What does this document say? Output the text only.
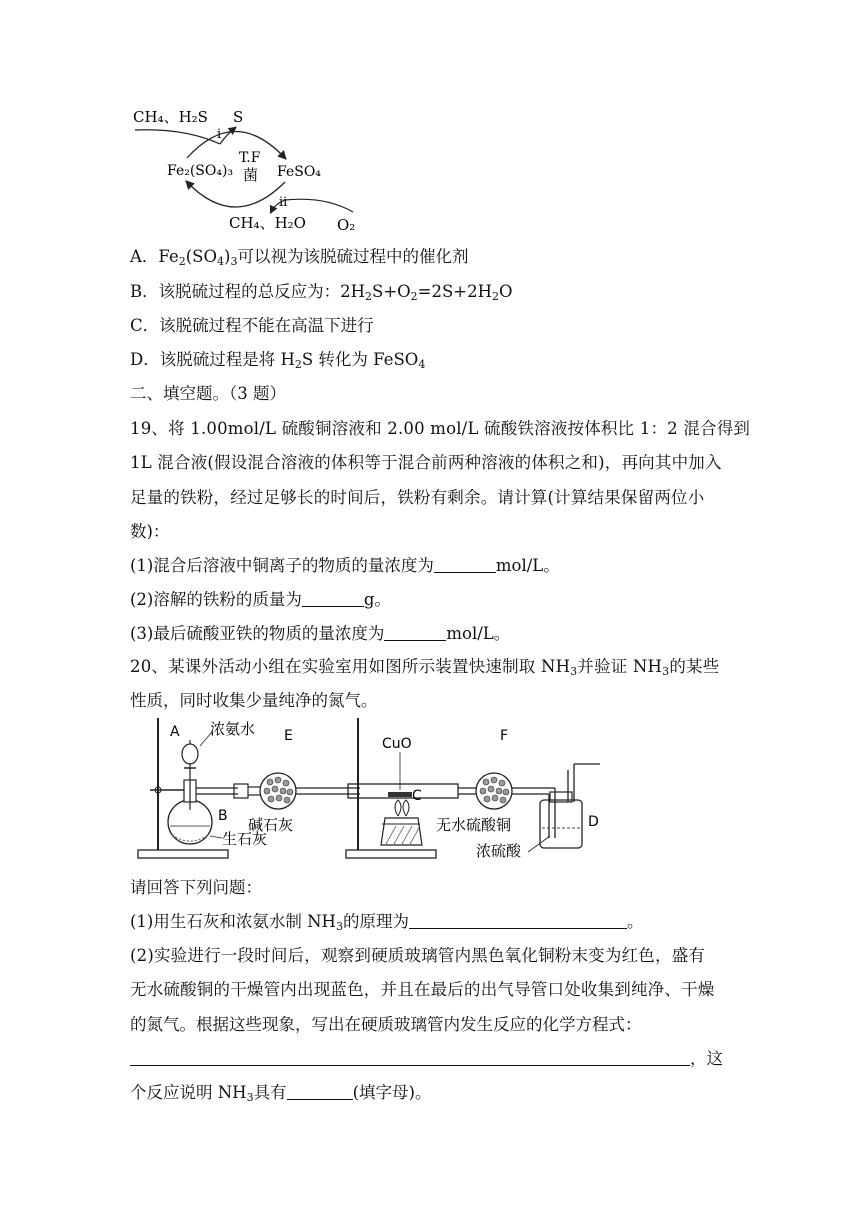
CH₄、H₂S S
i
Fe₂(SO₄)₃
T.F
菌 FeSO₄
ii
CH₄、H₂O O₂
A．$Fe_2(SO_4)_3$可以视为该脱硫过程中的催化剂
B．该脱硫过程的总反应为：$2H_2S+O_2=2S+2H_2O$
C．该脱硫过程不能在高温下进行
D．该脱硫过程是将 $H_2S$ 转化为 FeSO$_4$
二、填空题。（3 题）
19、将 1.00mol/L 硫酸铜溶液和 2.00 mol/L 硫酸铁溶液按体积比 1：2 混合得到
1L 混合液(假设混合溶液的体积等于混合前两种溶液的体积之和)，再向其中加入
足量的铁粉，经过足够长的时间后，铁粉有剩余。请计算(计算结果保留两位小
数)：
(1)混合后溶液中铜离子的物质的量浓度为	mol/L。
(2)溶解的铁粉的质量为	g。
(3)最后硫酸亚铁的物质的量浓度为	mol/L。
20、某课外活动小组在实验室用如图所示装置快速制取 $NH_3$并验证 $NH_3$的某些
性质，同时收集少量纯净的氮气。
A 浓氨水 E
碱石灰
B
生石灰
CuO
C
F
无水硫酸铜
浓硫酸
D
请回答下列问题：
(1)用生石灰和浓氨水制 $NH_3$的原理为	。
(2)实验进行一段时间后，观察到硬质玻璃管内黑色氧化铜粉末变为红色，盛有
无水硫酸铜的干燥管内出现蓝色，并且在最后的出气导管口处收集到纯净、干燥
的氮气。根据这些现象，写出在硬质玻璃管内发生反应的化学方程式：
，这
个反应说明 $NH_3$具有	(填字母)。
